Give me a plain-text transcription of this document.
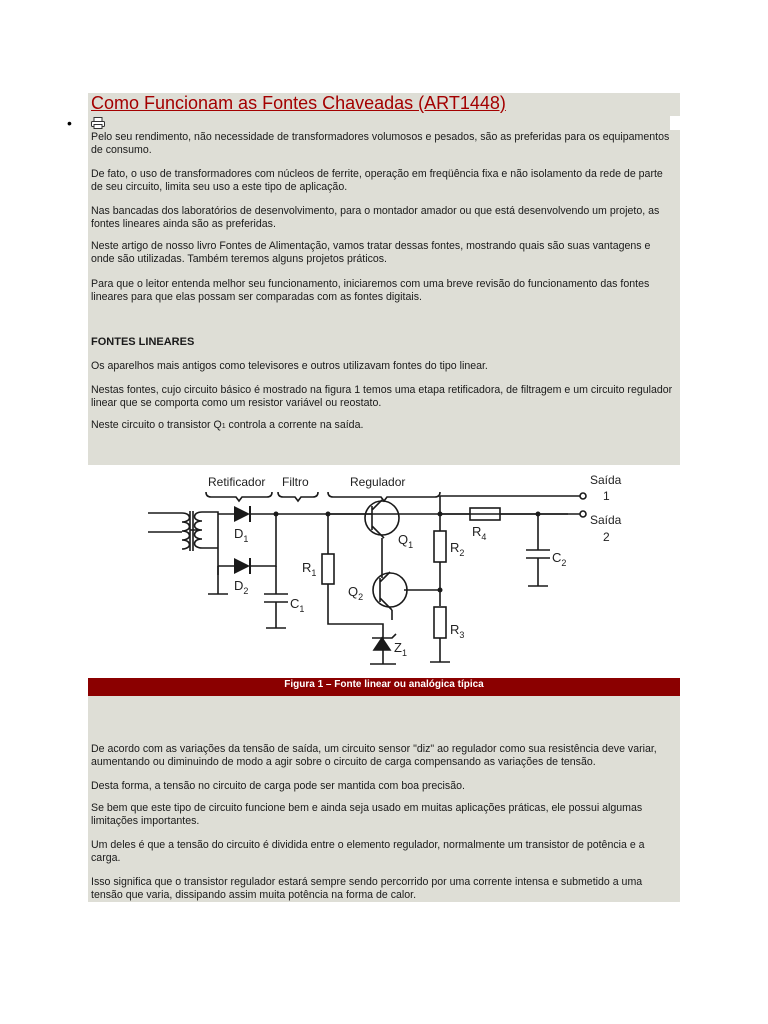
Como Funcionam as Fontes Chaveadas (ART1448)
•

Pelo seu rendimento, não necessidade de transformadores volumosos e pesados, são as preferidas para os equipamentos de consumo.

De fato, o uso de transformadores com núcleos de ferrite, operação em freqüência fixa e não isolamento da rede de parte de seu circuito, limita seu uso a este tipo de aplicação.

Nas bancadas dos laboratórios de desenvolvimento, para o montador amador ou que está desenvolvendo um projeto, as fontes lineares ainda são as preferidas.

Neste artigo de nosso livro Fontes de Alimentação, vamos tratar dessas fontes, mostrando quais são suas vantagens e onde são utilizadas. Também teremos alguns projetos práticos.

Para que o leitor entenda melhor seu funcionamento, iniciaremos com uma breve revisão do funcionamento das fontes lineares para que elas possam ser comparadas com as fontes digitais.

FONTES LINEARES

Os aparelhos mais antigos como televisores e outros utilizavam fontes do tipo linear.

Nestas fontes, cujo circuito básico é mostrado na figura 1 temos uma etapa retificadora, de filtragem e um circuito regulador linear que se comporta como um resistor variável ou reostato.

Neste circuito o transistor Q1 controla a corrente na saída.

Retificador Filtro	Regulador	Saída
1
Saída
2
$D_1$
$D_2$
$C_1$
$R_1$
$Q_1$
$Q_2$
$R_2$
$R_3$
$R_4$
$C_2$
$Z_1$
Figura 1 – Fonte linear ou analógica típica

De acordo com as variações da tensão de saída, um circuito sensor "diz" ao regulador como sua resistência deve variar, aumentando ou diminuindo de modo a agir sobre o circuito de carga compensando as variações de tensão.

Desta forma, a tensão no circuito de carga pode ser mantida com boa precisão.

Se bem que este tipo de circuito funcione bem e ainda seja usado em muitas aplicações práticas, ele possui algumas limitações importantes.

Um deles é que a tensão do circuito é dividida entre o elemento regulador, normalmente um transistor de potência e a carga.

Isso significa que o transistor regulador estará sempre sendo percorrido por uma corrente intensa e submetido a uma tensão que varia, dissipando assim muita potência na forma de calor.
